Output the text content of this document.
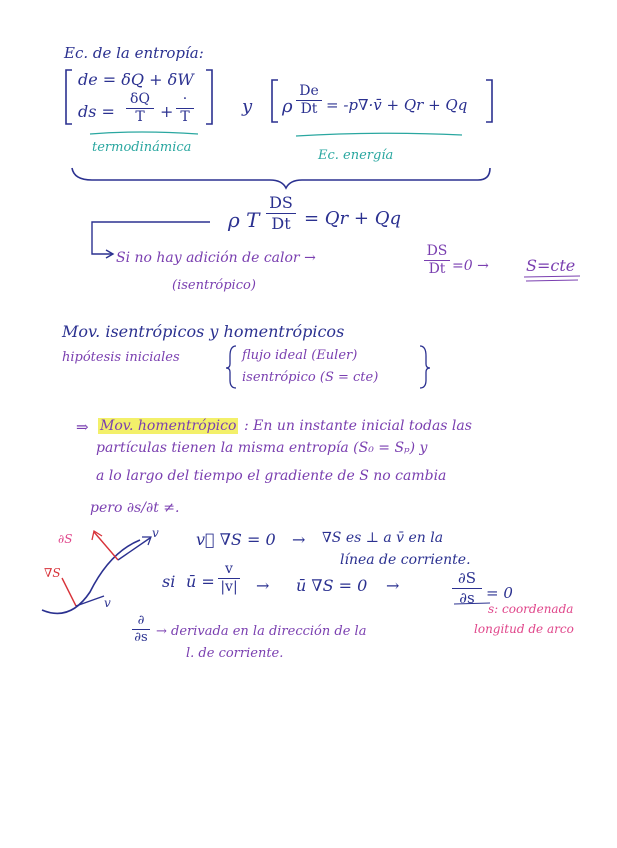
Ec. de la entropía:
de = δQ + δW
ds =
δQ
T +
·
T
termodinámica
y ρ
De
Dt = -p∇·v̄ + Qr + Qq
Ec. energía
ρ T
DS
Dt = Qr + Qq
Si no hay adición de calor →	DS
Dt =0 → S=cte
(isentrópico)
Mov. isentrópicos y homentrópicos
hipótesis iniciales	flujo ideal (Euler)
isentrópico (S = cte)
⇒ Mov. homentrópico : En un instante inicial todas las
partículas tienen la misma entropía (S₀ = Sₚ) y
a lo largo del tiempo el gradiente de S no cambia
pero ∂s/∂t ≠.
∂S
∇S
v
v
v⃗ ∇S = 0 → ∇S es ⊥ a v̄ en la
línea de corriente.
si ū =
v
|v| → ū ∇S = 0 →	∂S
∂s = 0
s: coordenada
longitud de arco
∂
∂s → derivada en la dirección de la
l. de corriente.
